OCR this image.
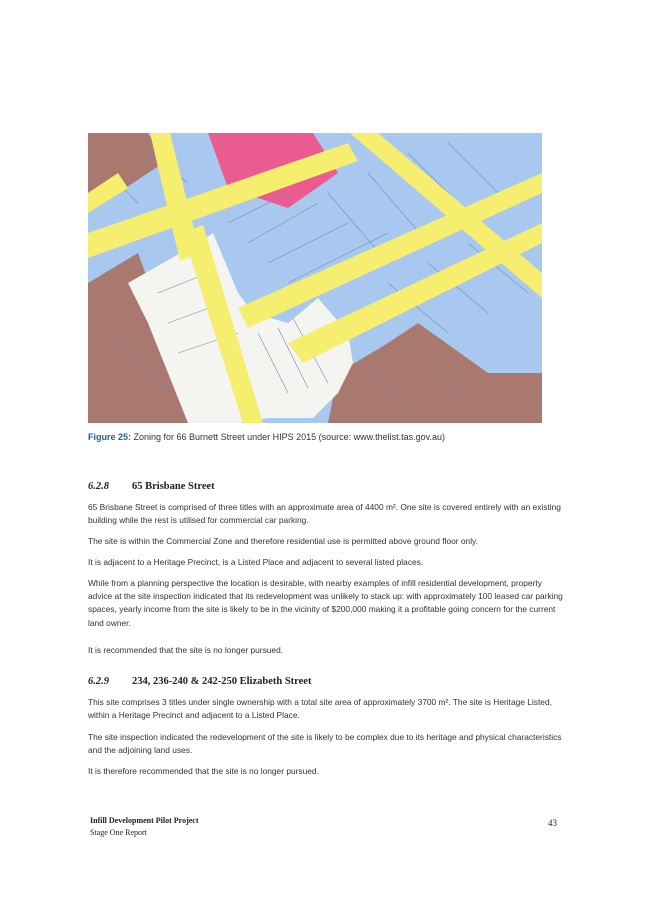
Figure 25: Zoning for 66 Burnett Street under HIPS 2015 (source: www.thelist.tas.gov.au)
6.2.8 65 Brisbane Street
65 Brisbane Street is comprised of three titles with an approximate area of 4400 m². One site is covered entirely with an existing building while the rest is utilised for commercial car parking.
The site is within the Commercial Zone and therefore residential use is permitted above ground floor only.
It is adjacent to a Heritage Precinct, is a Listed Place and adjacent to several listed places.
While from a planning perspective the location is desirable, with nearby examples of infill residential development, property advice at the site inspection indicated that its redevelopment was unlikely to stack up: with approximately 100 leased car parking spaces, yearly income from the site is likely to be in the vicinity of $200,000 making it a profitable going concern for the current land owner.
It is recommended that the site is no longer pursued.
6.2.9 234, 236-240 & 242-250 Elizabeth Street
This site comprises 3 titles under single ownership with a total site area of approximately 3700 m². The site is Heritage Listed, within a Heritage Precinct and adjacent to a Listed Place.
The site inspection indicated the redevelopment of the site is likely to be complex due to its heritage and physical characteristics and the adjoining land uses.
It is therefore recommended that the site is no longer pursued.
Infill Development Pilot Project
Stage One Report
43
